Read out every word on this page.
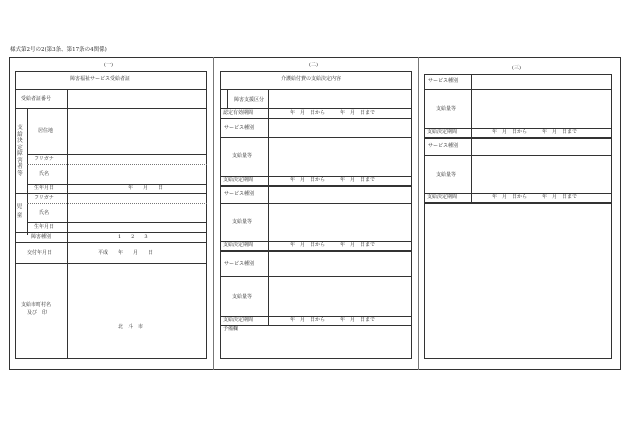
様式第2号の2(第3条、第17条の4関係)
(一)
障害福祉サービス受給者証
受給者証番号
支給決定障害者等
居住地
フリガナ
氏名
生年月日	年　　月　　日
児童
フリガナ
氏名
生年月日
障害種別	1　　2　　3
交付年月日	平成　　年　　月　　日
支給市町村名
及び　印
北　斗　市
(二)
介護給付費の支給決定内容
障害支援区分
認定有効期間	年　月　日から　　　年　月　日まで
サービス種別
支給量等
支給決定期間	年　月　日から　　　年　月　日まで
サービス種別
支給量等
支給決定期間	年　月　日から　　　年　月　日まで
サービス種別
支給量等
支給決定期間	年　月　日から　　　年　月　日まで
予備欄
(三)
サービス種別
支給量等
支給決定期間	年　月　日から　　　年　月　日まで
サービス種別
支給量等
支給決定期間	年　月　日から　　　年　月　日まで
